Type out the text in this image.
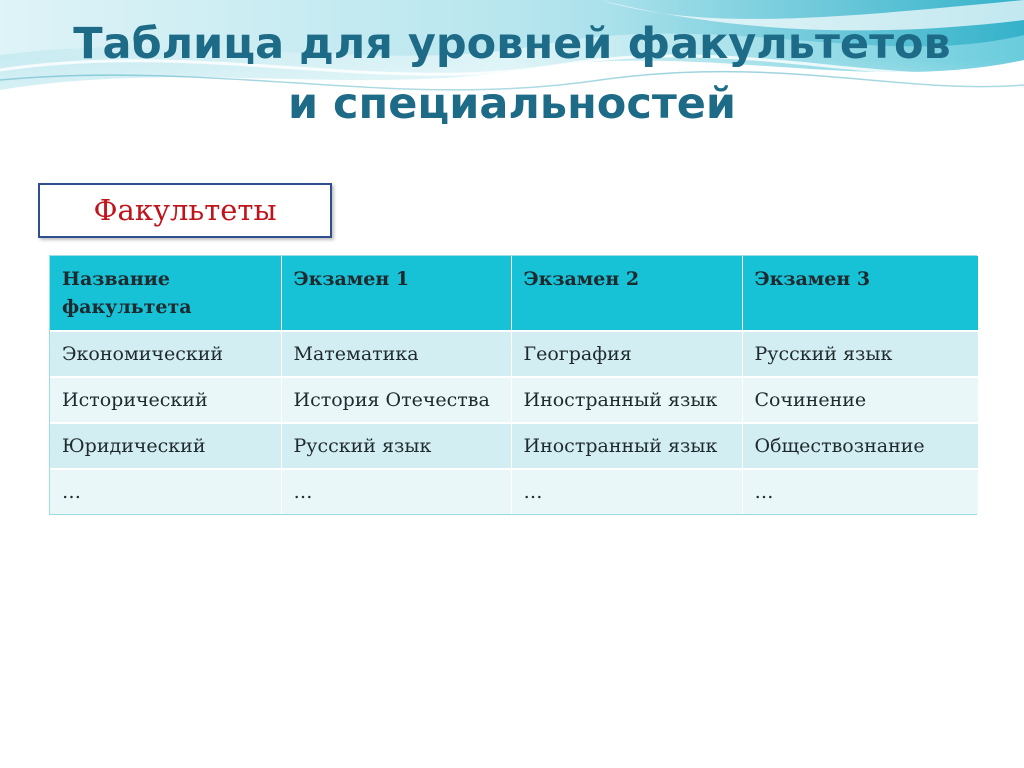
Таблица для уровней факультетов
и специальностей
Факультеты
Название факультета	Экзамен 1	Экзамен 2	Экзамен 3
Экономический	Математика	География	Русский язык
Исторический	История Отечества	Иностранный язык	Сочинение
Юридический	Русский язык	Иностранный язык	Обществознание
…	…	…	…
